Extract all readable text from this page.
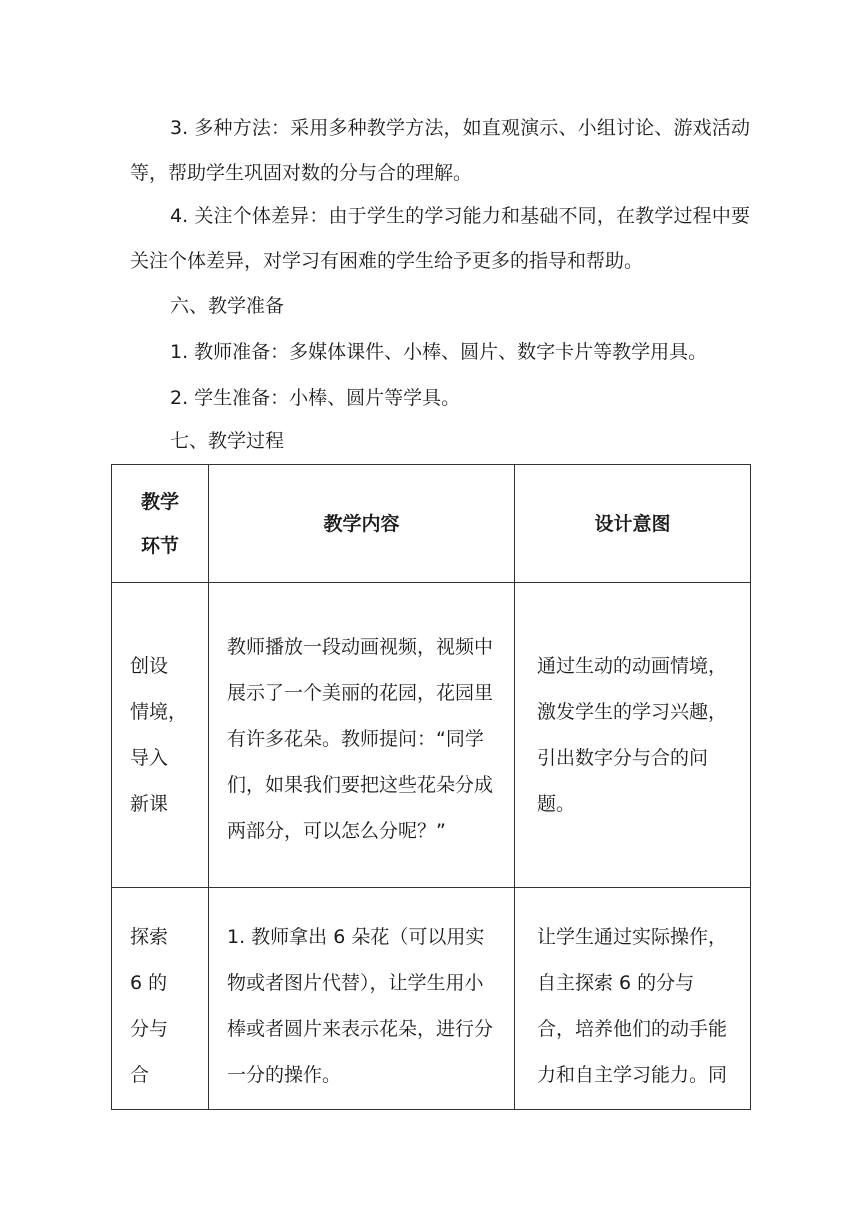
3. 多种方法：采用多种教学方法，如直观演示、小组讨论、游戏活动等，帮助学生巩固对数的分与合的理解。

4. 关注个体差异：由于学生的学习能力和基础不同，在教学过程中要关注个体差异，对学习有困难的学生给予更多的指导和帮助。

六、教学准备

1. 教师准备：多媒体课件、小棒、圆片、数字卡片等教学用具。

2. 学生准备：小棒、圆片等学具。

七、教学过程

教学
环节	教学内容	设计意图

创设
情境，
导入
新课	教师播放一段动画视频，视频中展示了一个美丽的花园，花园里有许多花朵。教师提问：“同学们，如果我们要把这些花朵分成两部分，可以怎么分呢？”	通过生动的动画情境，激发学生的学习兴趣，引出数字分与合的问题。

探索
6 的
分与
合	1. 教师拿出 6 朵花（可以用实物或者图片代替），让学生用小棒或者圆片来表示花朵，进行分一分的操作。	让学生通过实际操作，自主探索 6 的分与合，培养他们的动手能力和自主学习能力。同
